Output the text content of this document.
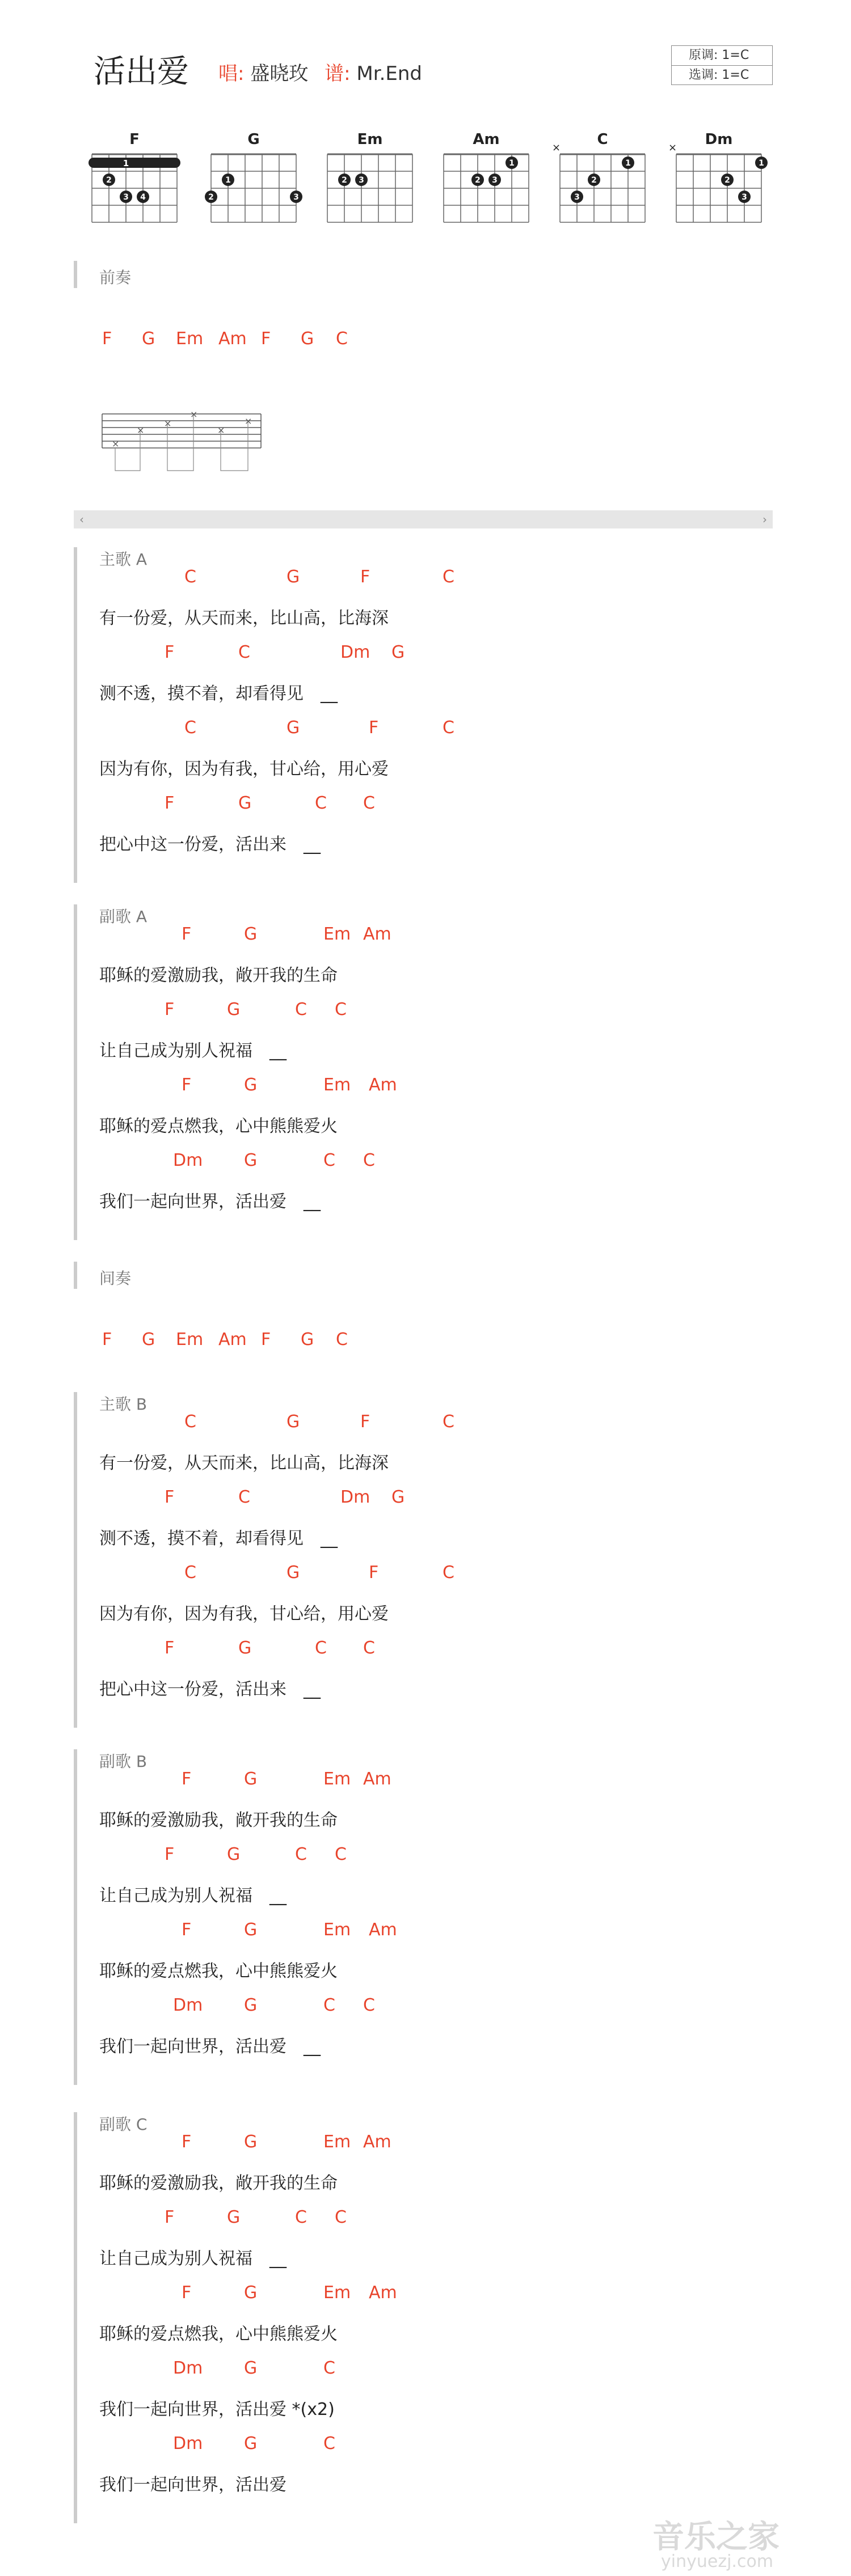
活出爱 唱: 盛晓玫 谱: Mr.End
原调: 1=C
选调: 1=C
F
1
3 4
2
G
1
2	3
Em
2 3
Am
1
2 3
C
×
1
2
3
Dm
×
1
2
3
前奏
F G Em Am F G C
×
×
×
×
×
×
‹	›
主歌 A
C	G	F	C
有一份爱，从天而来，比山高，比海深
F	C	Dm G
测不透，摸不着，却看得见　__
C	G	F	C
因为有你，因为有我，甘心给，用心爱
F	G	C C
把心中这一份爱，活出来　__
副歌 A
F	G	Em Am
耶稣的爱激励我，敞开我的生命
F	G	C C
让自己成为别人祝福　__
F	G	Em Am
耶稣的爱点燃我，心中熊熊爱火
Dm G	C C
我们一起向世界，活出爱　__
主歌 B
C	G	F	C
有一份爱，从天而来，比山高，比海深
F	C	Dm G
测不透，摸不着，却看得见　__
C	G	F	C
因为有你，因为有我，甘心给，用心爱
F	G	C C
把心中这一份爱，活出来　__
副歌 B
F	G	Em Am
耶稣的爱激励我，敞开我的生命
F	G	C C
让自己成为别人祝福　__
F	G	Em Am
耶稣的爱点燃我，心中熊熊爱火
Dm G	C C
我们一起向世界，活出爱　__
副歌 C
F	G	Em Am
耶稣的爱激励我，敞开我的生命
F	G	C C
让自己成为别人祝福　__
F	G	Em Am
耶稣的爱点燃我，心中熊熊爱火
Dm G	C
我们一起向世界，活出爱 *(x2)
Dm G	C
我们一起向世界，活出爱
间奏
F G Em Am F G C
音乐之家
yinyuezj.com
